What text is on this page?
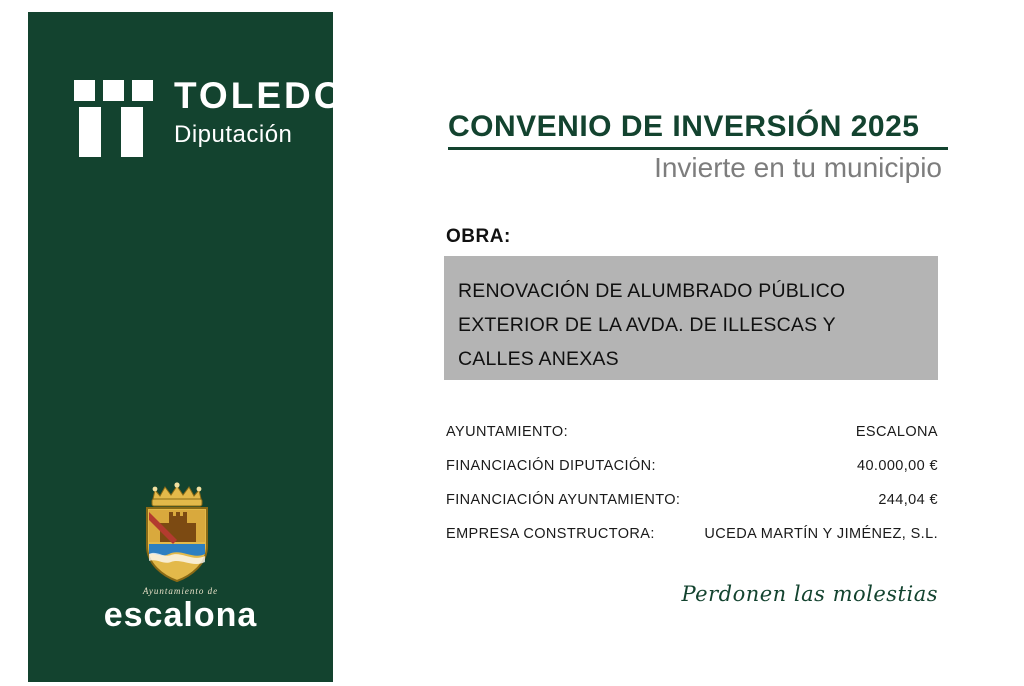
TOLEDO
Diputación
Ayuntamiento de
escalona
CONVENIO DE INVERSIÓN 2025
Invierte en tu municipio
OBRA:
RENOVACIÓN DE ALUMBRADO PÚBLICO
EXTERIOR DE LA AVDA. DE ILLESCAS Y
CALLES ANEXAS
AYUNTAMIENTO:	ESCALONA
FINANCIACIÓN DIPUTACIÓN:	40.000,00 €
FINANCIACIÓN AYUNTAMIENTO:	244,04 €
EMPRESA CONSTRUCTORA:	UCEDA MARTÍN Y JIMÉNEZ, S.L.
Perdonen las molestias
